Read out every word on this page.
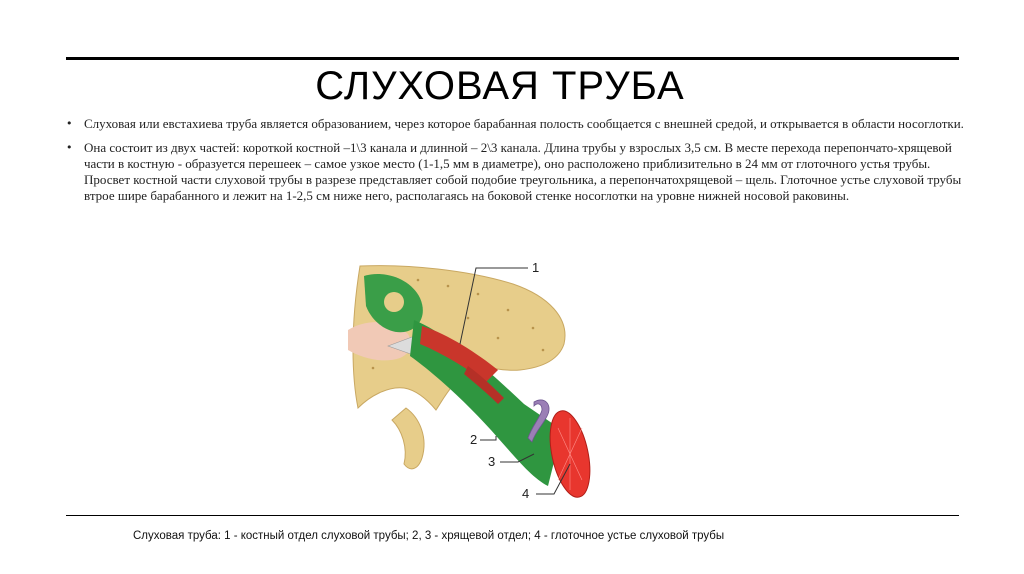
СЛУХОВАЯ ТРУБА
• Слуховая или евстахиева труба является образованием, через которое барабанная полость сообщается с внешней средой, и открывается в области носоглотки.
• Она состоит из двух частей: короткой костной –1\3 канала и длинной – 2\3 канала. Длина трубы у взрослых 3,5 см. В месте перехода перепончато-хрящевой части в костную - образуется перешеек – самое узкое место (1-1,5 мм в диаметре), оно расположено приблизительно в 24 мм от глоточного устья трубы. Просвет костной части слуховой трубы в разрезе представляет собой подобие треугольника, а перепончатохрящевой – щель. Глоточное устье слуховой трубы втрое шире барабанного и лежит на 1-2,5 см ниже него, располагаясь на боковой стенке носоглотки на уровне нижней носовой раковины.
1
2
3
4
Слуховая труба: 1 - костный отдел слуховой трубы; 2, 3 - хрящевой отдел; 4 - глоточное устье слуховой трубы
